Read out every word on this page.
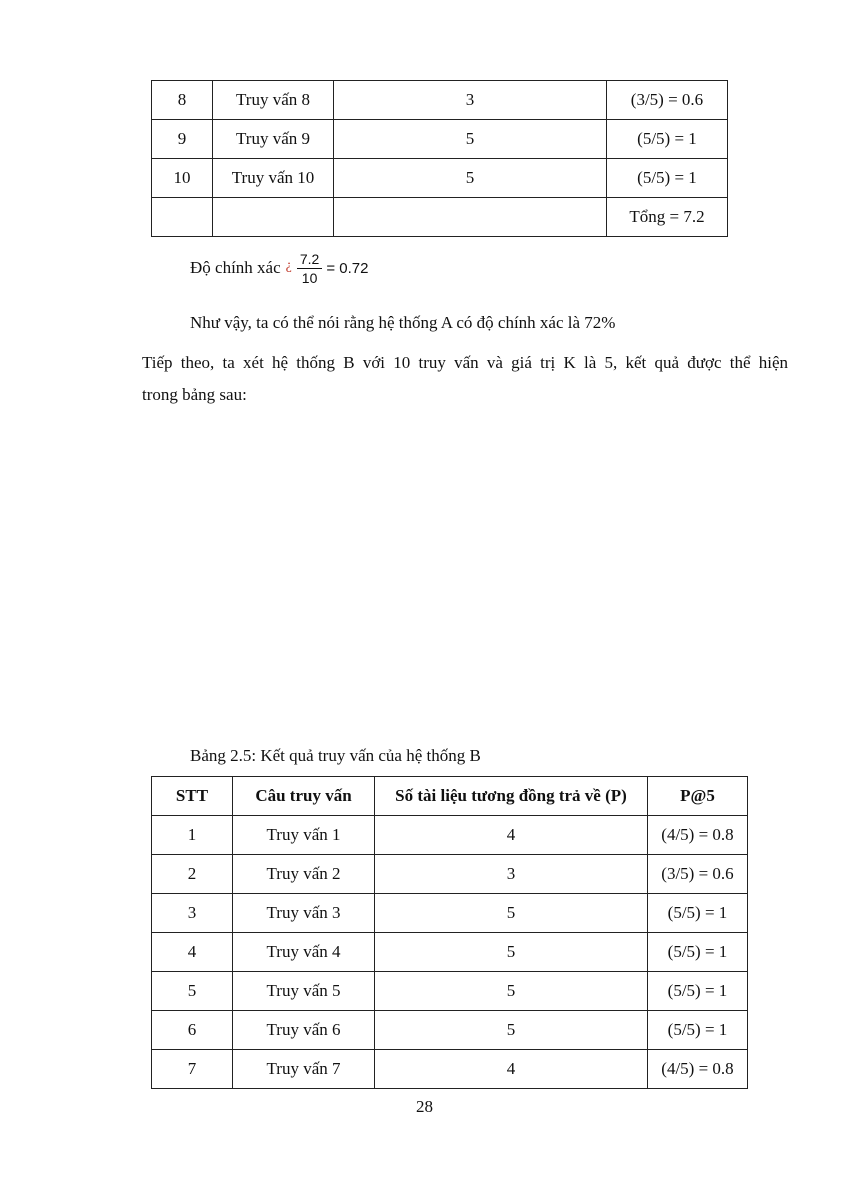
8	Truy vấn 8	3	(3/5) = 0.6
9	Truy vấn 9	5	(5/5) = 1
10	Truy vấn 10	5	(5/5) = 1
			Tổng = 7.2
Độ chính xác ¿ $\frac{7.2}{10} = 0.72$

Như vậy, ta có thể nói rằng hệ thống A có độ chính xác là 72%

Tiếp theo, ta xét hệ thống B với 10 truy vấn và giá trị K là 5, kết quả được thể hiện

trong bảng sau:

Bảng 2.5: Kết quả truy vấn của hệ thống B

STT	Câu truy vấn	Số tài liệu tương đồng trả về (P)	P@5
1	Truy vấn 1	4	(4/5) = 0.8
2	Truy vấn 2	3	(3/5) = 0.6
3	Truy vấn 3	5	(5/5) = 1
4	Truy vấn 4	5	(5/5) = 1
5	Truy vấn 5	5	(5/5) = 1
6	Truy vấn 6	5	(5/5) = 1
7	Truy vấn 7	4	(4/5) = 0.8
28
